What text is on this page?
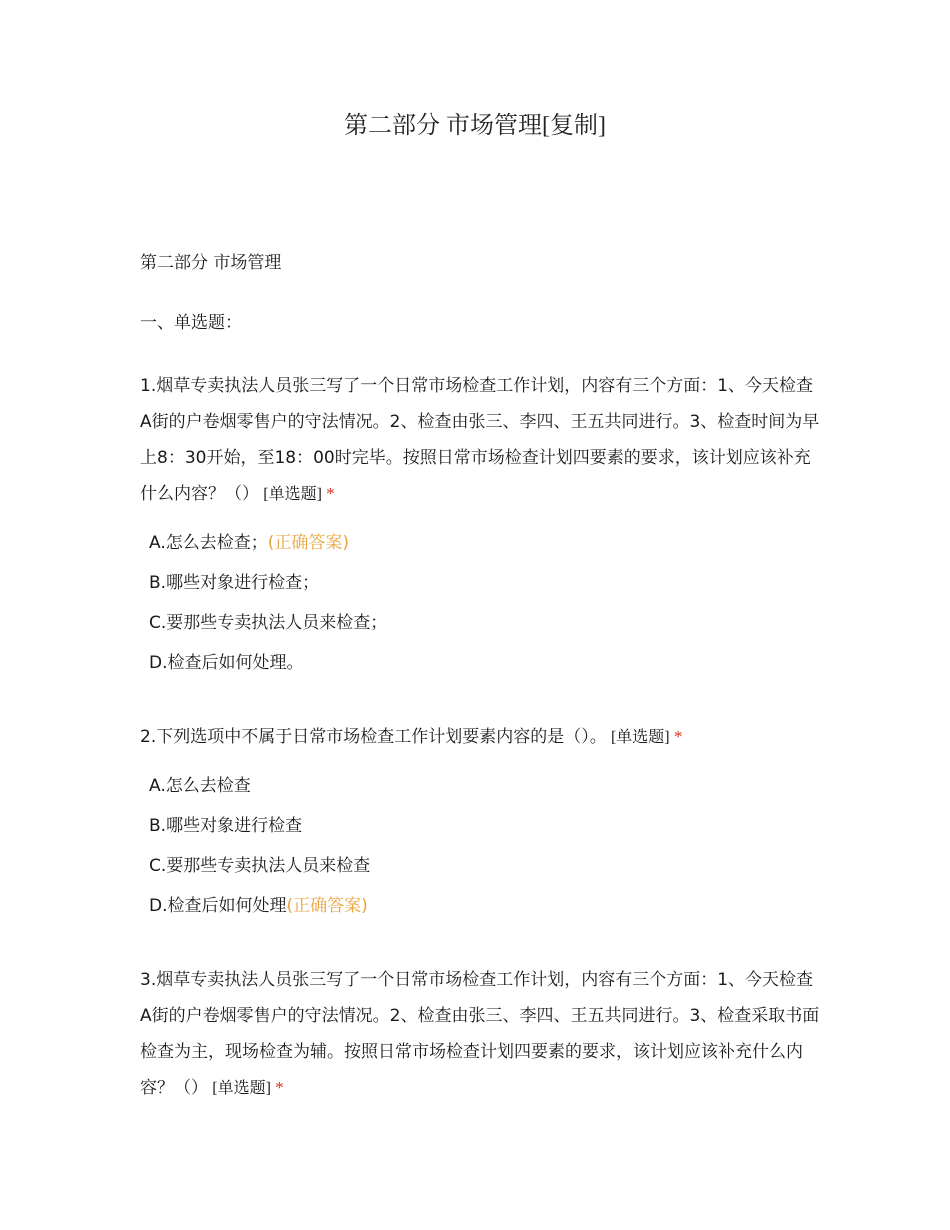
第二部分 市场管理[复制]
第二部分 市场管理
一、单选题：

1.烟草专卖执法人员张三写了一个日常市场检查工作计划，内容有三个方面：1、今天检查A街的户卷烟零售户的守法情况。2、检查由张三、李四、王五共同进行。3、检查时间为早上8：30开始，至18：00时完毕。按照日常市场检查计划四要素的要求，该计划应该补充什么内容？（） [单选题] *

A.怎么去检查；(正确答案)
B.哪些对象进行检查；
C.要那些专卖执法人员来检查；
D.检查后如何处理。

2.下列选项中不属于日常市场检查工作计划要素内容的是（）。 [单选题] *

A.怎么去检查
B.哪些对象进行检查
C.要那些专卖执法人员来检查
D.检查后如何处理(正确答案)

3.烟草专卖执法人员张三写了一个日常市场检查工作计划，内容有三个方面：1、今天检查A街的户卷烟零售户的守法情况。2、检查由张三、李四、王五共同进行。3、检查采取书面检查为主，现场检查为辅。按照日常市场检查计划四要素的要求，该计划应该补充什么内容？（） [单选题] *
